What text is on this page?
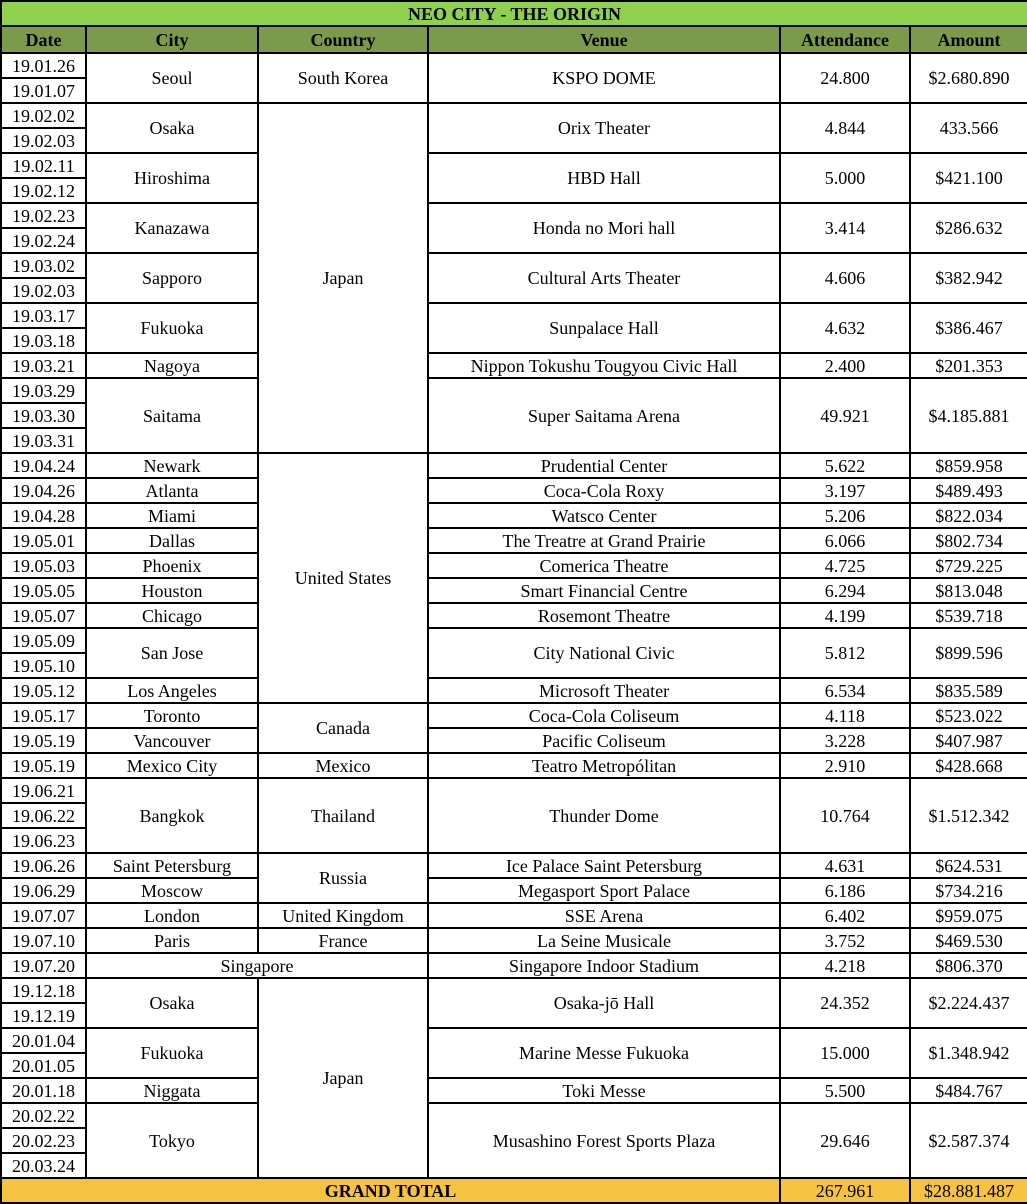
NEO CITY - THE ORIGIN					
Date	City	Country	Venue	Attendance	Amount
19.01.26	Seoul	South Korea	KSPO DOME	24.800	$2.680.890
19.01.07					
19.02.02	Osaka	Japan	Orix Theater	4.844	433.566
19.02.03					
19.02.11	Hiroshima		HBD Hall	5.000	$421.100
19.02.12					
19.02.23	Kanazawa		Honda no Mori hall	3.414	$286.632
19.02.24					
19.03.02	Sapporo		Cultural Arts Theater	4.606	$382.942
19.02.03					
19.03.17	Fukuoka		Sunpalace Hall	4.632	$386.467
19.03.18					
19.03.21	Nagoya		Nippon Tokushu Tougyou Civic Hall	2.400	$201.353
19.03.29	Saitama		Super Saitama Arena	49.921	$4.185.881
19.03.30					
19.03.31					
19.04.24	Newark	United States	Prudential Center	5.622	$859.958
19.04.26	Atlanta		Coca-Cola Roxy	3.197	$489.493
19.04.28	Miami		Watsco Center	5.206	$822.034
19.05.01	Dallas		The Treatre at Grand Prairie	6.066	$802.734
19.05.03	Phoenix		Comerica Theatre	4.725	$729.225
19.05.05	Houston		Smart Financial Centre	6.294	$813.048
19.05.07	Chicago		Rosemont Theatre	4.199	$539.718
19.05.09	San Jose		City National Civic	5.812	$899.596
19.05.10					
19.05.12	Los Angeles		Microsoft Theater	6.534	$835.589
19.05.17	Toronto	Canada	Coca-Cola Coliseum	4.118	$523.022
19.05.19	Vancouver		Pacific Coliseum	3.228	$407.987
19.05.19	Mexico City	Mexico	Teatro Metropólitan	2.910	$428.668
19.06.21	Bangkok	Thailand	Thunder Dome	10.764	$1.512.342
19.06.22					
19.06.23					
19.06.26	Saint Petersburg	Russia	Ice Palace Saint Petersburg	4.631	$624.531
19.06.29	Moscow		Megasport Sport Palace	6.186	$734.216
19.07.07	London	United Kingdom	SSE Arena	6.402	$959.075
19.07.10	Paris	France	La Seine Musicale	3.752	$469.530
19.07.20	Singapore		Singapore Indoor Stadium	4.218	$806.370
19.12.18	Osaka	Japan	Osaka-jō Hall	24.352	$2.224.437
19.12.19					
20.01.04	Fukuoka		Marine Messe Fukuoka	15.000	$1.348.942
20.01.05					
20.01.18	Niggata		Toki Messe	5.500	$484.767
20.02.22	Tokyo		Musashino Forest Sports Plaza	29.646	$2.587.374
20.02.23					
20.03.24					
GRAND TOTAL				267.961	$28.881.487
